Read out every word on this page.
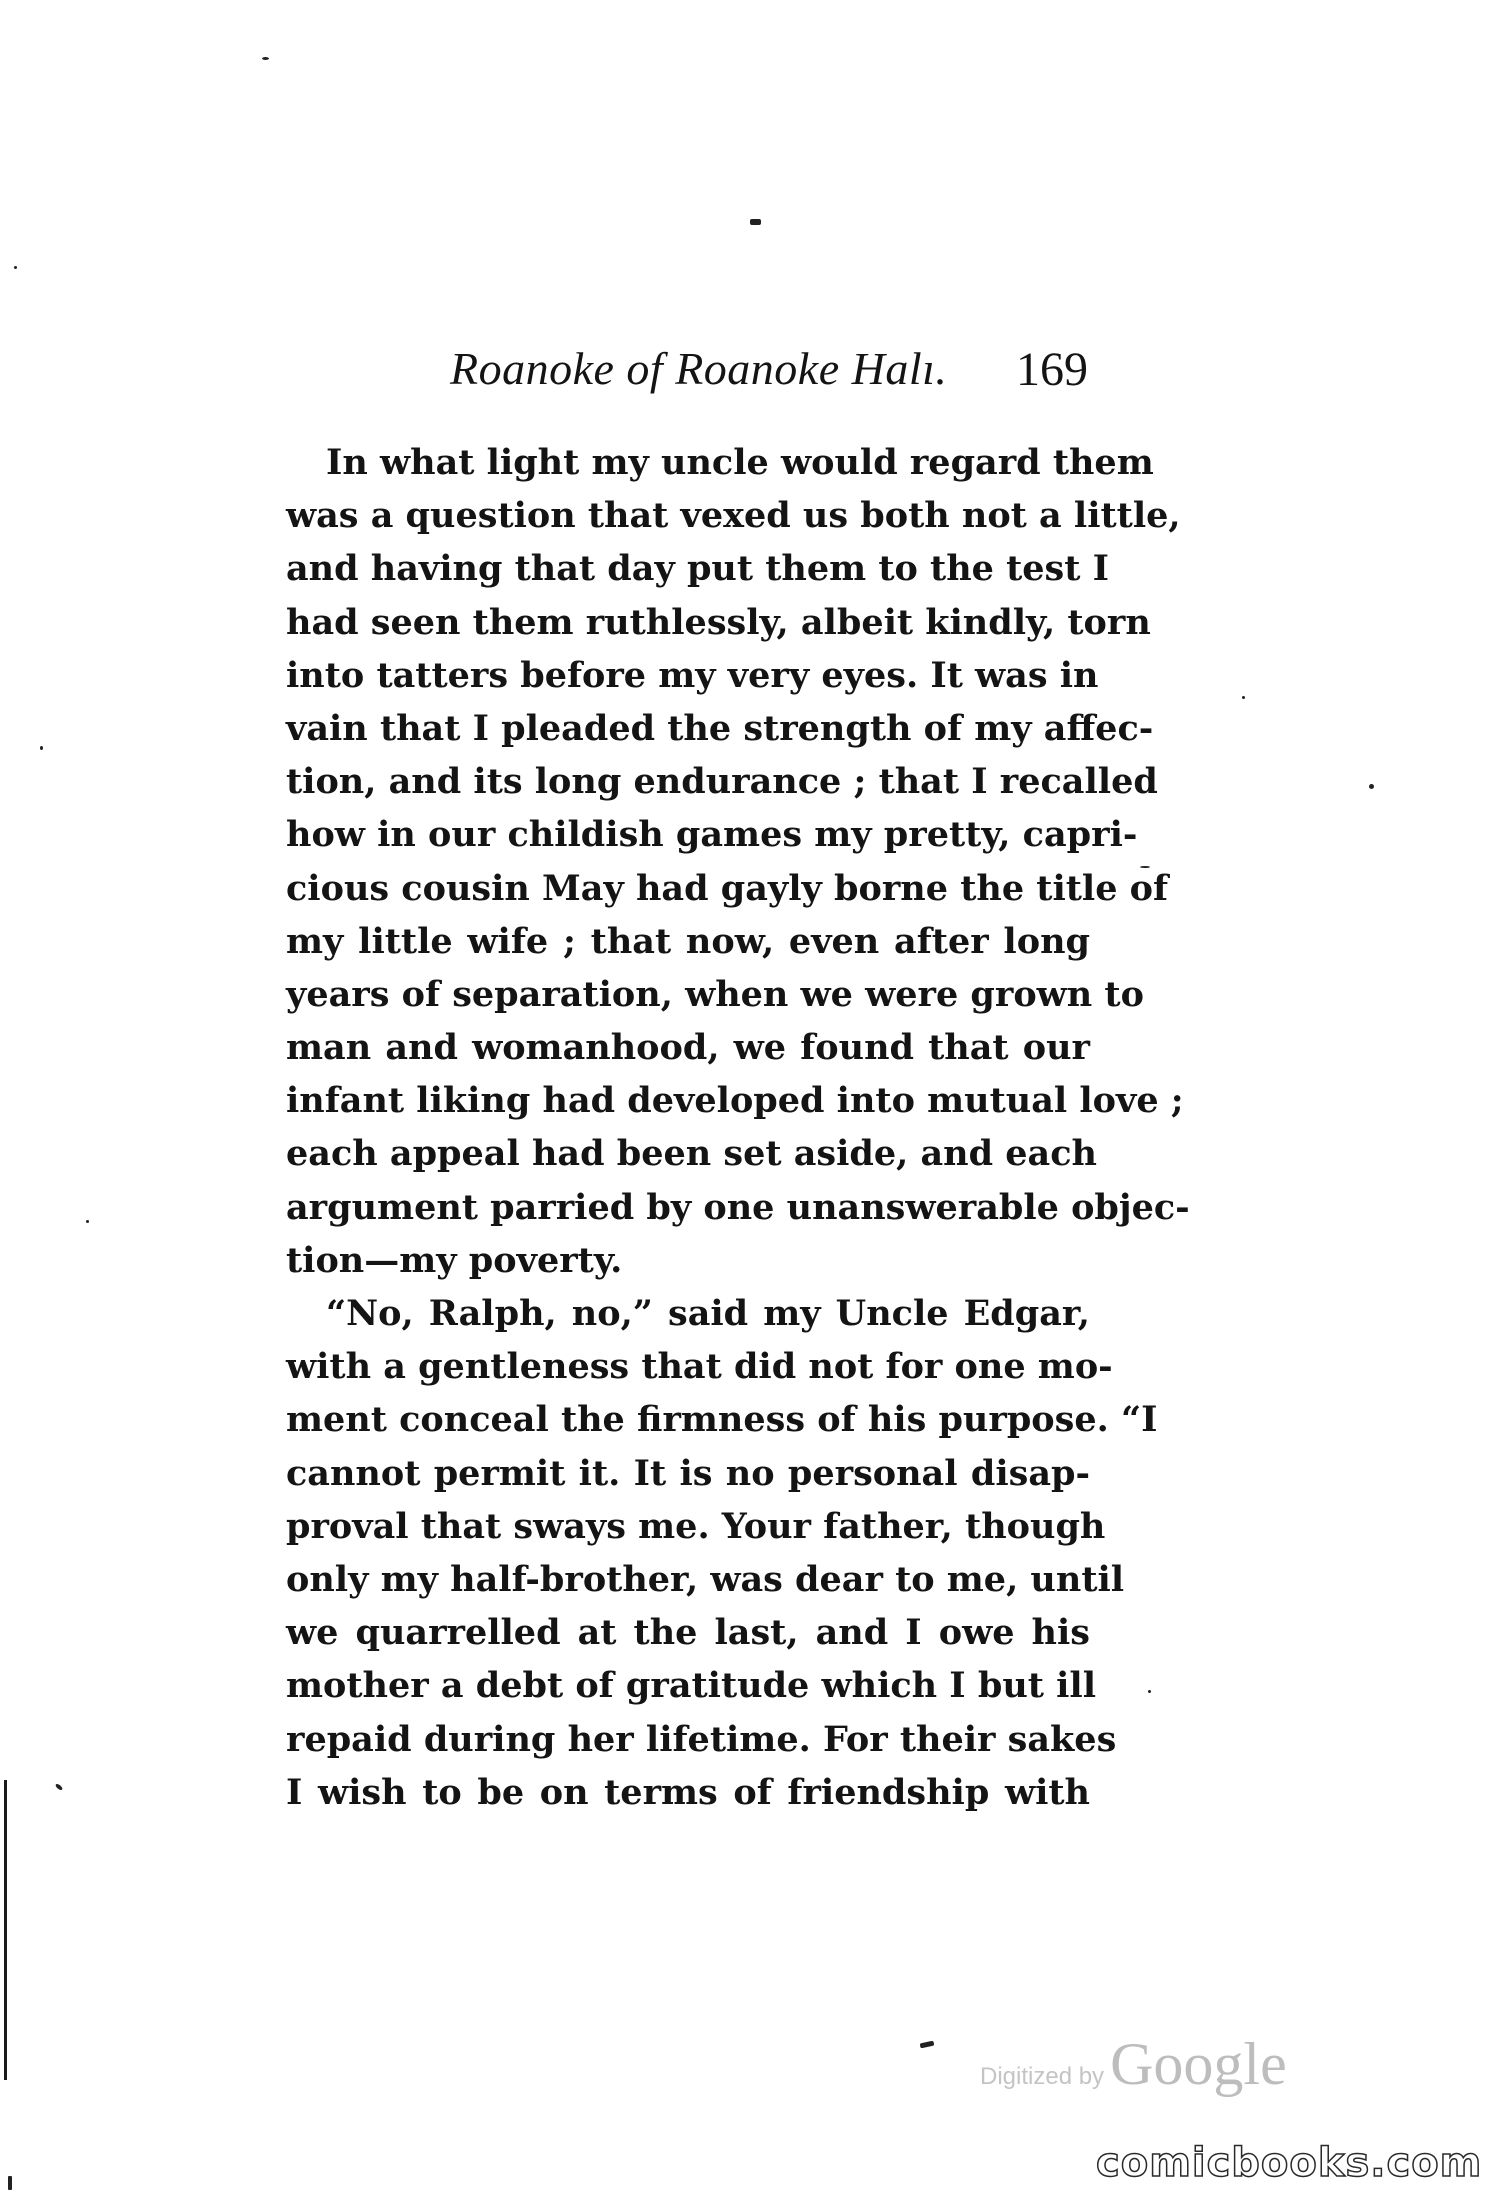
Roanoke of Roanoke Halı. 169
In what light my uncle would regard them
was a question that vexed us both not a little,
and having that day put them to the test I
had seen them ruthlessly, albeit kindly, torn
into tatters before my very eyes. It was in
vain that I pleaded the strength of my affec-
tion, and its long endurance ; that I recalled
how in our childish games my pretty, capri-
cious cousin May had gayly borne the title of
my little wife ; that now, even after long
years of separation, when we were grown to
man and womanhood, we found that our
infant liking had developed into mutual love ;
each appeal had been set aside, and each
argument parried by one unanswerable objec-
tion—my poverty.
“No, Ralph, no,” said my Uncle Edgar,
with a gentleness that did not for one mo-
ment conceal the firmness of his purpose. “I
cannot permit it. It is no personal disap-
proval that sways me. Your father, though
only my half-brother, was dear to me, until
we quarrelled at the last, and I owe his
mother a debt of gratitude which I but ill
repaid during her lifetime. For their sakes
I wish to be on terms of friendship with
Digitized by Google
comicbooks.com
